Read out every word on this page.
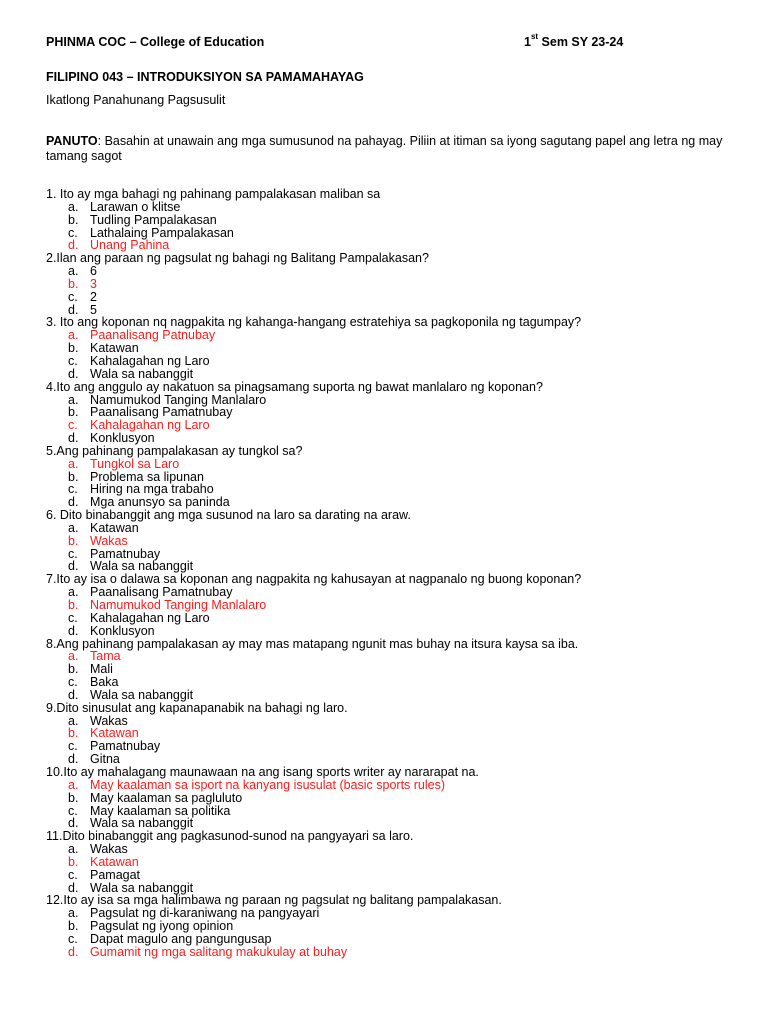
PHINMA COC – College of Education	1st Sem SY 23-24
FILIPINO 043 – INTRODUKSIYON SA PAMAMAHAYAG
Ikatlong Panahunang Pagsusulit
PANUTO: Basahin at unawain ang mga sumusunod na pahayag. Piliin at itiman sa iyong sagutang papel ang letra ng may tamang sagot
1. Ito ay mga bahagi ng pahinang pampalakasan maliban sa
a. Larawan o klitse
b. Tudling Pampalakasan
c. Lathalaing Pampalakasan
d. Unang Pahina
2.Ilan ang paraan ng pagsulat ng bahagi ng Balitang Pampalakasan?
a. 6
b. 3
c. 2
d. 5
3. Ito ang koponan nq nagpakita ng kahanga-hangang estratehiya sa pagkoponila ng tagumpay?
a. Paanalisang Patnubay
b. Katawan
c. Kahalagahan ng Laro
d. Wala sa nabanggit
4.Ito ang anggulo ay nakatuon sa pinagsamang suporta ng bawat manlalaro ng koponan?
a. Namumukod Tanging Manlalaro
b. Paanalisang Pamatnubay
c. Kahalagahan ng Laro
d. Konklusyon
5.Ang pahinang pampalakasan ay tungkol sa?
a. Tungkol sa Laro
b. Problema sa lipunan
c. Hiring na mga trabaho
d. Mga anunsyo sa paninda
6. Dito binabanggit ang mga susunod na laro sa darating na araw.
a. Katawan
b. Wakas
c. Pamatnubay
d. Wala sa nabanggit
7.Ito ay isa o dalawa sa koponan ang nagpakita ng kahusayan at nagpanalo ng buong koponan?
a. Paanalisang Pamatnubay
b. Namumukod Tanging Manlalaro
c. Kahalagahan ng Laro
d. Konklusyon
8.Ang pahinang pampalakasan ay may mas matapang ngunit mas buhay na itsura kaysa sa iba.
a. Tama
b. Mali
c. Baka
d. Wala sa nabanggit
9.Dito sinusulat ang kapanapanabik na bahagi ng laro.
a. Wakas
b. Katawan
c. Pamatnubay
d. Gitna
10.Ito ay mahalagang maunawaan na ang isang sports writer ay nararapat na.
a. May kaalaman sa isport na kanyang isusulat (basic sports rules)
b. May kaalaman sa pagluluto
c. May kaalaman sa politika
d. Wala sa nabanggit
11.Dito binabanggit ang pagkasunod-sunod na pangyayari sa laro.
a. Wakas
b. Katawan
c. Pamagat
d. Wala sa nabanggit
12.Ito ay isa sa mga halimbawa ng paraan ng pagsulat ng balitang pampalakasan.
a. Pagsulat ng di-karaniwang na pangyayari
b. Pagsulat ng iyong opinion
c. Dapat magulo ang pangungusap
d. Gumamit ng mga salitang makukulay at buhay
